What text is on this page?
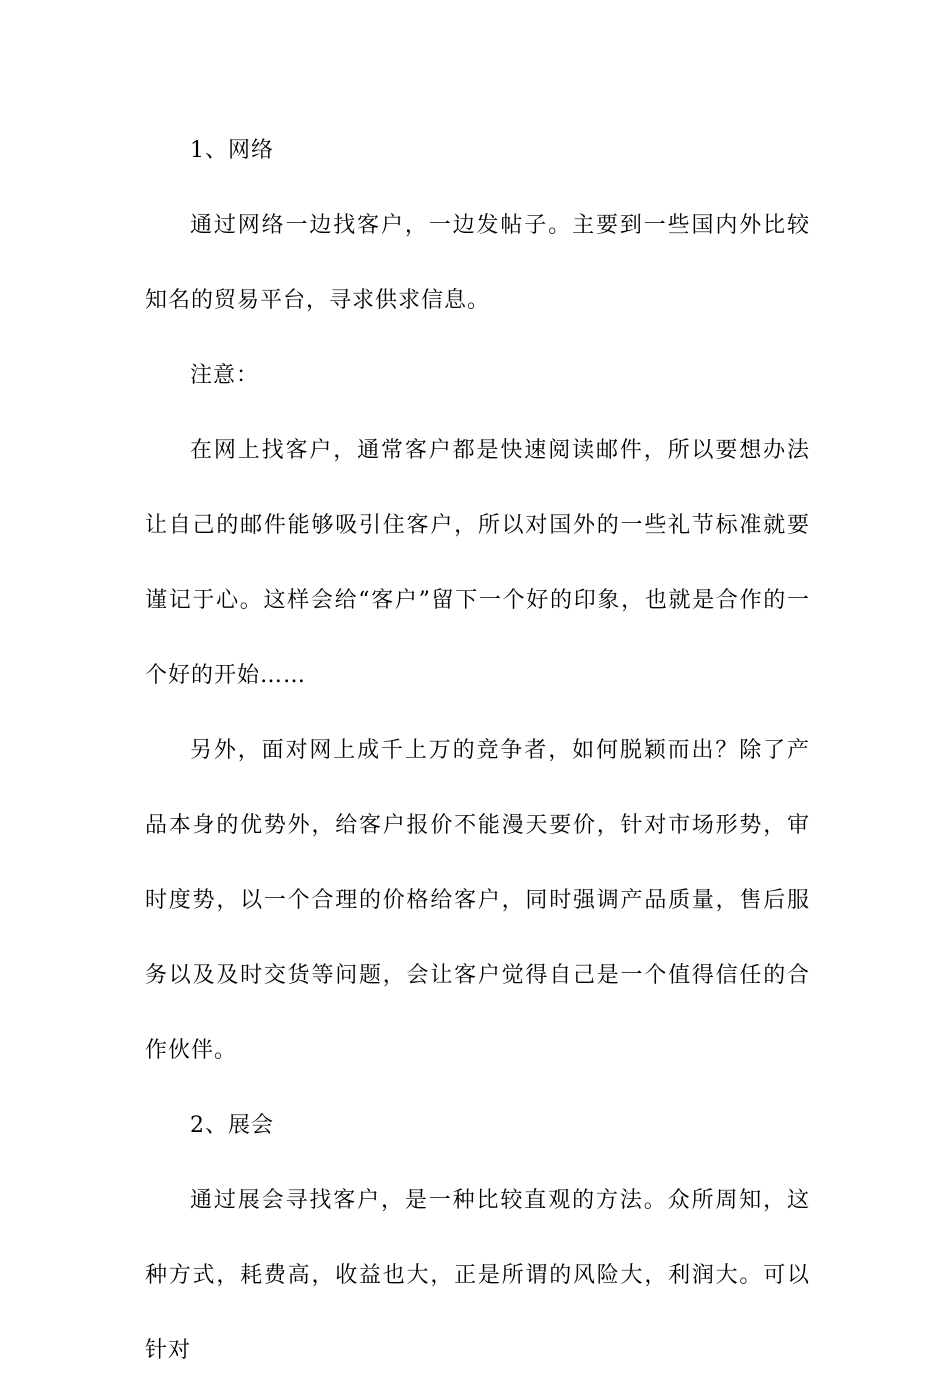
1、网络

通过网络一边找客户，一边发帖子。主要到一些国内外比较知名的贸易平台，寻求供求信息。

注意：

在网上找客户，通常客户都是快速阅读邮件，所以要想办法让自己的邮件能够吸引住客户，所以对国外的一些礼节标准就要谨记于心。这样会给“客户”留下一个好的印象，也就是合作的一个好的开始……

另外，面对网上成千上万的竞争者，如何脱颖而出？除了产品本身的优势外，给客户报价不能漫天要价，针对市场形势，审时度势，以一个合理的价格给客户，同时强调产品质量，售后服务以及及时交货等问题，会让客户觉得自己是一个值得信任的合作伙伴。

2、展会

通过展会寻找客户，是一种比较直观的方法。众所周知，这种方式，耗费高，收益也大，正是所谓的风险大，利润大。可以针对
